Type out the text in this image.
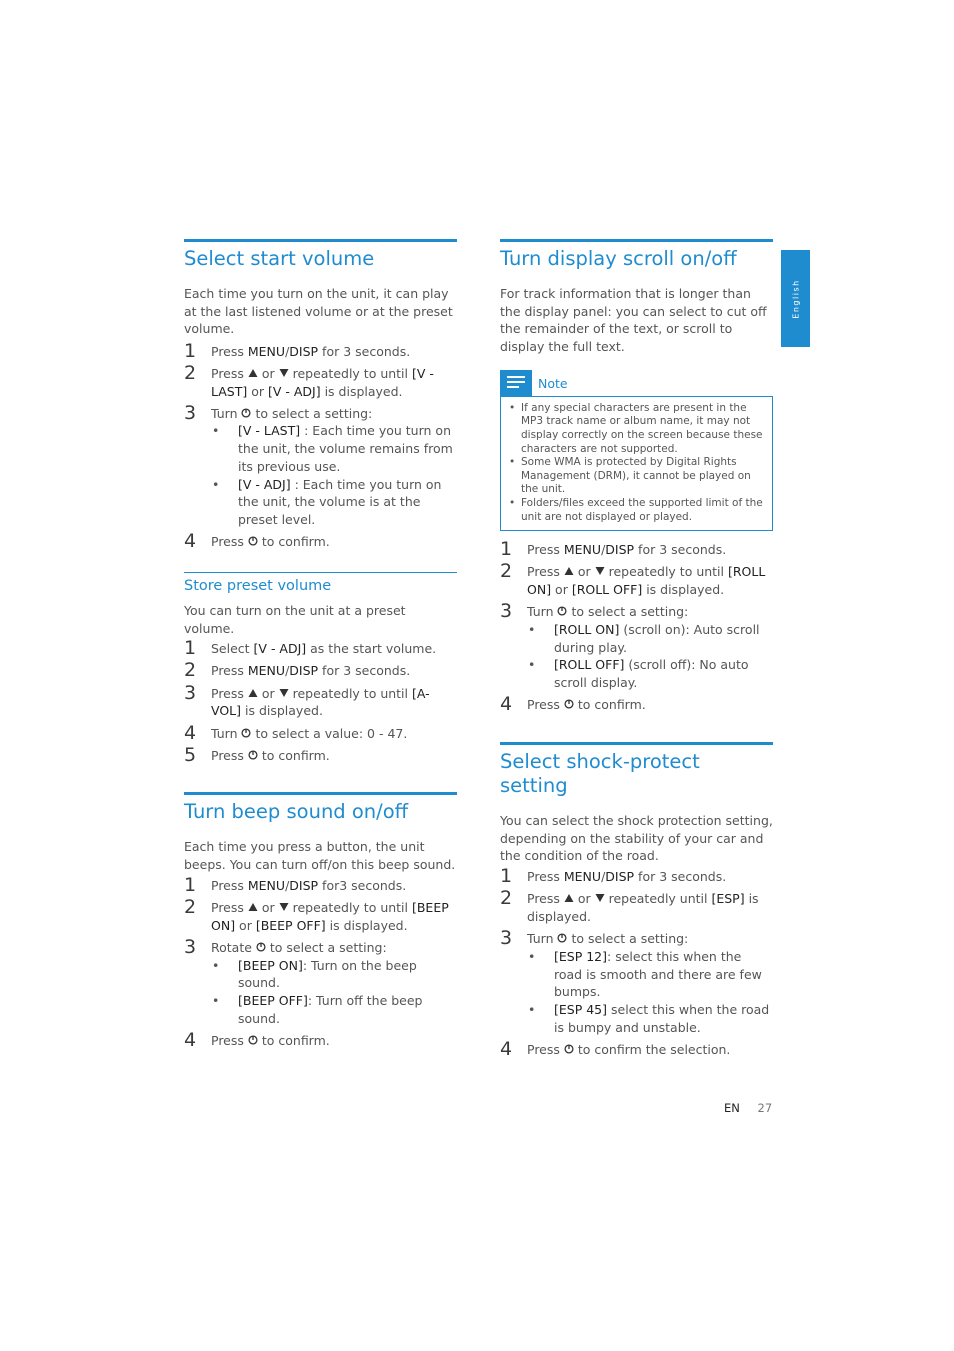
Select start volume

Each time you turn on the unit, it can play at the last listened volume or at the preset volume.

1 Press MENU/DISP for 3 seconds.
2 Press  or  repeatedly to until [V - LAST] or [V - ADJ] is displayed.
3 Turn  to select a setting:
• [V - LAST] : Each time you turn on the unit, the volume remains from its previous use.
• [V - ADJ] : Each time you turn on the unit, the volume is at the preset level.
4 Press  to confirm.
Store preset volume

You can turn on the unit at a preset volume.

1 Select [V - ADJ] as the start volume.
2 Press MENU/DISP for 3 seconds.
3 Press  or  repeatedly to until [A-VOL] is displayed.
4 Turn  to select a value: 0 - 47.
5 Press  to confirm.
Turn beep sound on/off

Each time you press a button, the unit beeps. You can turn off/on this beep sound.

1 Press MENU/DISP for3 seconds.
2 Press  or  repeatedly to until [BEEP ON] or [BEEP OFF] is displayed.
3 Rotate  to select a setting:
• [BEEP ON]: Turn on the beep sound.
• [BEEP OFF]: Turn off the beep sound.
4 Press  to confirm.
Turn display scroll on/off

For track information that is longer than the display panel: you can select to cut off the remainder of the text, or scroll to display the full text.

Note
• If any special characters are present in the MP3 track name or album name, it may not display correctly on the screen because these characters are not supported.
• Some WMA is protected by Digital Rights Management (DRM), it cannot be played on the unit.
• Folders/files exceed the supported limit of the unit are not displayed or played.
1 Press MENU/DISP for 3 seconds.
2 Press  or  repeatedly to until [ROLL ON] or [ROLL OFF] is displayed.
3 Turn  to select a setting:
• [ROLL ON] (scroll on): Auto scroll during play.
• [ROLL OFF] (scroll off): No auto scroll display.
4 Press  to confirm.
Select shock-protect setting

You can select the shock protection setting, depending on the stability of your car and the condition of the road.

1 Press MENU/DISP for 3 seconds.
2 Press  or  repeatedly until [ESP] is displayed.
3 Turn  to select a setting:
• [ESP 12]: select this when the road is smooth and there are few bumps.
• [ESP 45] select this when the road is bumpy and unstable.
4 Press  to confirm the selection.
English
EN 27
